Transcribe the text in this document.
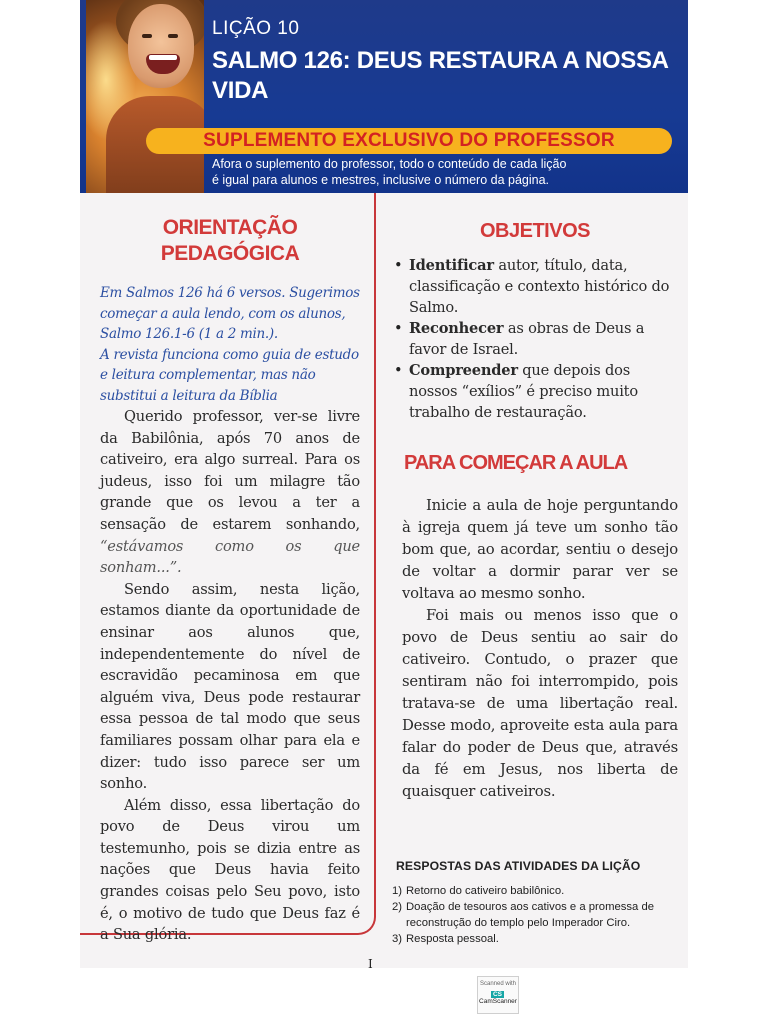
LIÇÃO 10
SALMO 126: DEUS RESTAURA A NOSSA
VIDA
SUPLEMENTO EXCLUSIVO DO PROFESSOR
Afora o suplemento do professor, todo o conteúdo de cada lição
é igual para alunos e mestres, inclusive o número da página.
ORIENTAÇÃO
PEDAGÓGICA

Em Salmos 126 há 6 versos. Sugerimos começar a aula lendo, com os alunos, Salmo 126.1-6 (1 a 2 min.).

A revista funciona como guia de estudo e leitura complementar, mas não substitui a leitura da Bíblia

Querido professor, ver-se livre da Babilônia, após 70 anos de cativeiro, era algo surreal. Para os judeus, isso foi um milagre tão grande que os levou a ter a sensação de estarem sonhando, “estávamos como os que sonham...”.

Sendo assim, nesta lição, estamos diante da oportunidade de ensinar aos alunos que, independentemente do nível de escravidão pecaminosa em que alguém viva, Deus pode restaurar essa pessoa de tal modo que seus familiares possam olhar para ela e dizer: tudo isso parece ser um sonho.

Além disso, essa libertação do povo de Deus virou um testemunho, pois se dizia entre as nações que Deus havia feito grandes coisas pelo Seu povo, isto é, o motivo de tudo que Deus faz é a Sua glória.

OBJETIVOS
• Identificar autor, título, data, classificação e contexto histórico do Salmo.
• Reconhecer as obras de Deus a favor de Israel.
• Compreender que depois dos nossos “exílios” é preciso muito trabalho de restauração.
PARA COMEÇAR A AULA

Inicie a aula de hoje perguntando à igreja quem já teve um sonho tão bom que, ao acordar, sentiu o desejo de voltar a dormir parar ver se voltava ao mesmo sonho.

Foi mais ou menos isso que o povo de Deus sentiu ao sair do cativeiro. Contudo, o prazer que sentiram não foi interrompido, pois tratava-se de uma libertação real. Desse modo, aproveite esta aula para falar do poder de Deus que, através da fé em Jesus, nos liberta de quaisquer cativeiros.

RESPOSTAS DAS ATIVIDADES DA LIÇÃO
1) Retorno do cativeiro babilônico.
2) Doação de tesouros aos cativos e a promessa de
reconstrução do templo pelo Imperador Ciro.
3) Resposta pessoal.
I
Scanned with
CSCamScanner
